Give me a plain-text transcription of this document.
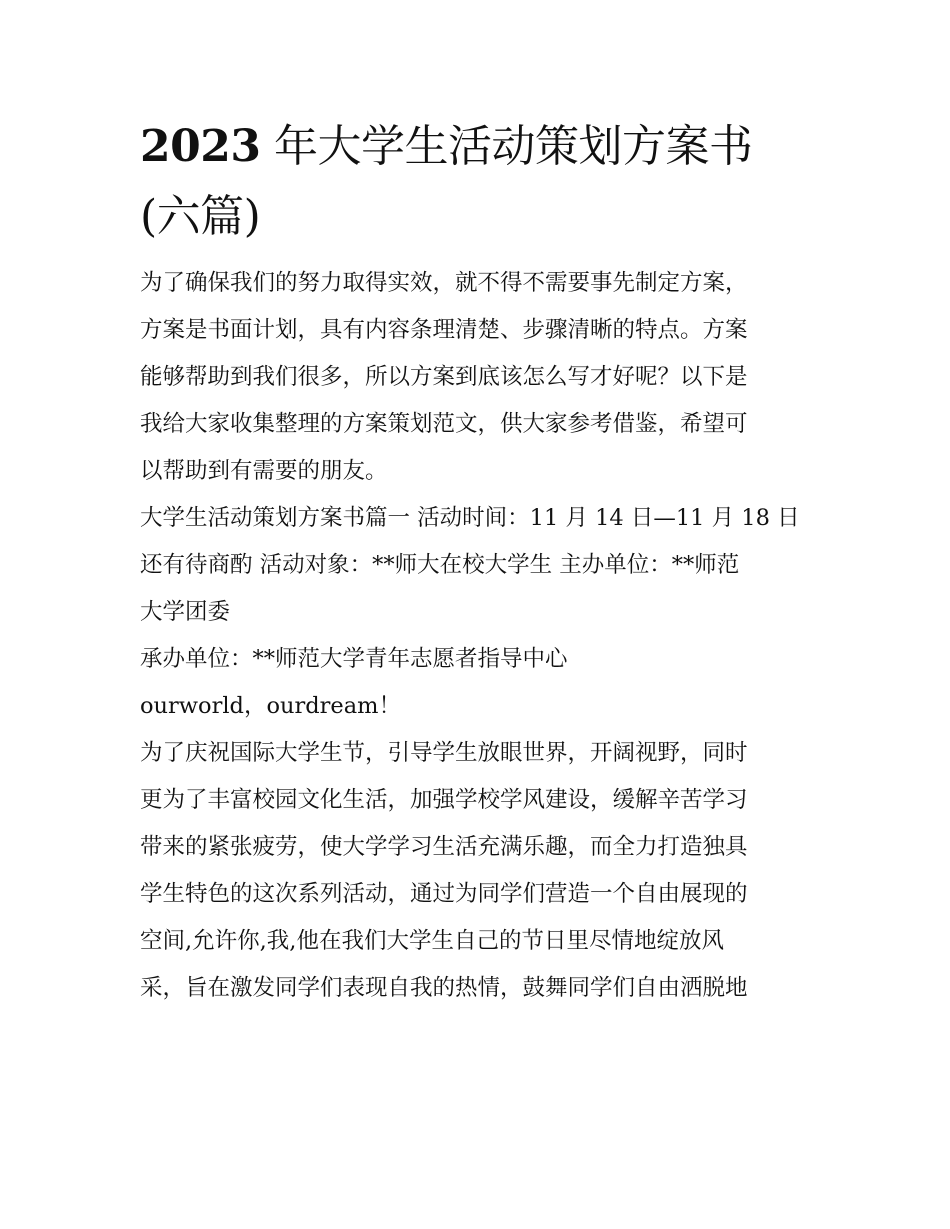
2023 年大学生活动策划方案书
(六篇)

为了确保我们的努力取得实效，就不得不需要事先制定方案，
方案是书面计划，具有内容条理清楚、步骤清晰的特点。方案
能够帮助到我们很多，所以方案到底该怎么写才好呢？以下是
我给大家收集整理的方案策划范文，供大家参考借鉴，希望可
以帮助到有需要的朋友。

大学生活动策划方案书篇一 活动时间：11 月 14 日—11 月 18 日
还有待商酌 活动对象：**师大在校大学生 主办单位：**师范
大学团委

承办单位：**师范大学青年志愿者指导中心

ourworld，ourdream！

为了庆祝国际大学生节，引导学生放眼世界，开阔视野，同时
更为了丰富校园文化生活，加强学校学风建设，缓解辛苦学习
带来的紧张疲劳，使大学学习生活充满乐趣，而全力打造独具
学生特色的这次系列活动，通过为同学们营造一个自由展现的
空间,允许你,我,他在我们大学生自己的节日里尽情地绽放风
采，旨在激发同学们表现自我的热情，鼓舞同学们自由洒脱地
